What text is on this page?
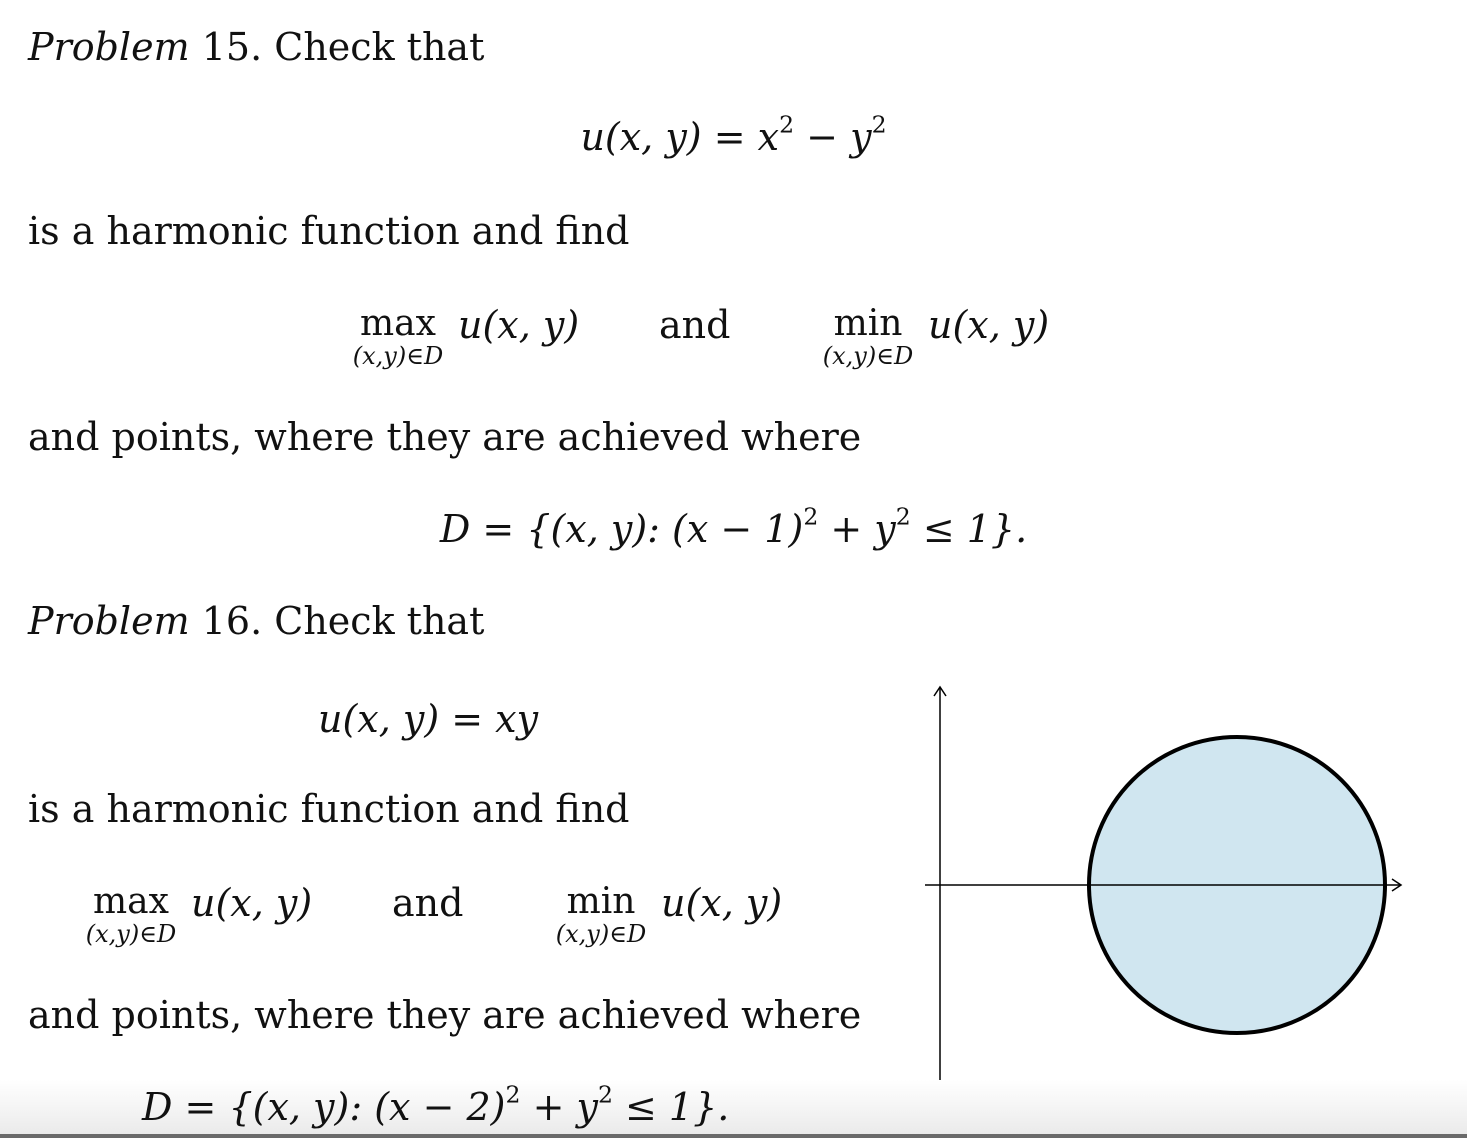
Problem 15. Check that
u(x, $y) = x^2 - y^2$
is a harmonic function and find
max
(x,y)∈D
u(x, y) and	min
(x,y)∈D
u(x, y)
and points, where they are achieved where
D = {(x, y): $(x - 1)^2 + y^2 \le 1$}.
Problem 16. Check that
u(x, y) = xy
is a harmonic function and find
max
(x,y)∈D
u(x, y) and	min
(x,y)∈D
u(x, y)
and points, where they are achieved where
D = {(x, y): $(x - 2)^2 + y^2 \le 1$}.
